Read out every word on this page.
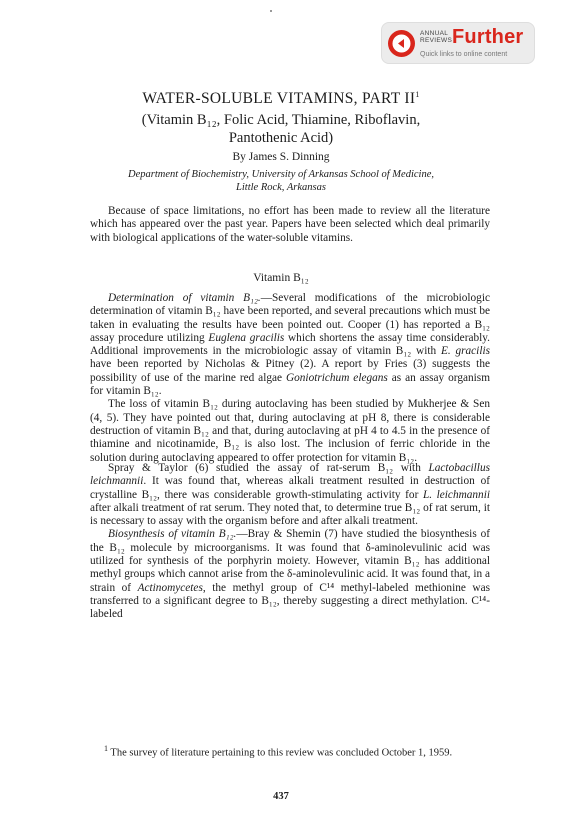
ANNUAL
REVIEWS Further
Quick links to online content
WATER-SOLUBLE VITAMINS, PART $II^1$
(Vitamin B₁₂, Folic Acid, Thiamine, Riboflavin,
Pantothenic Acid)
By James S. Dinning
Department of Biochemistry, University of Arkansas School of Medicine,
Little Rock, Arkansas

Because of space limitations, no effort has been made to review all the literature which has appeared over the past year. Papers have been selected which deal primarily with biological applications of the water-soluble vitamins.

Vitamin B₁₂

Determination of vitamin B₁₂.—Several modifications of the microbiologic determination of vitamin B₁₂ have been reported, and several precautions which must be taken in evaluating the results have been pointed out. Cooper (1) has reported a B₁₂ assay procedure utilizing Euglena gracilis which shortens the assay time considerably. Additional improvements in the microbiologic assay of vitamin B₁₂ with E. gracilis have been reported by Nicholas & Pitney (2). A report by Fries (3) suggests the possibility of use of the marine red algae Goniotrichum elegans as an assay organism for vitamin B₁₂.

The loss of vitamin B₁₂ during autoclaving has been studied by Mukherjee & Sen (4, 5). They have pointed out that, during autoclaving at pH 8, there is considerable destruction of vitamin B₁₂ and that, during autoclaving at pH 4 to 4.5 in the presence of thiamine and nicotinamide, B₁₂ is also lost. The inclusion of ferric chloride in the solution during autoclaving appeared to offer protection for vitamin B₁₂.

Spray & Taylor (6) studied the assay of rat-serum B₁₂ with Lactobacillus leichmannii. It was found that, whereas alkali treatment resulted in destruction of crystalline B₁₂, there was considerable growth-stimulating activity for L. leichmannii after alkali treatment of rat serum. They noted that, to determine true B₁₂ of rat serum, it is necessary to assay with the organism before and after alkali treatment.

Biosynthesis of vitamin B₁₂.—Bray & Shemin (7) have studied the biosynthesis of the B₁₂ molecule by microorganisms. It was found that δ-aminolevulinic acid was utilized for synthesis of the porphyrin moiety. However, vitamin B₁₂ has additional methyl groups which cannot arise from the δ-aminolevulinic acid. It was found that, in a strain of Actinomycetes, the methyl group of C¹⁴ methyl-labeled methionine was transferred to a significant degree to B₁₂, thereby suggesting a direct methylation. C¹⁴-labeled

$^1$ The survey of literature pertaining to this review was concluded October 1, 1959.
437
